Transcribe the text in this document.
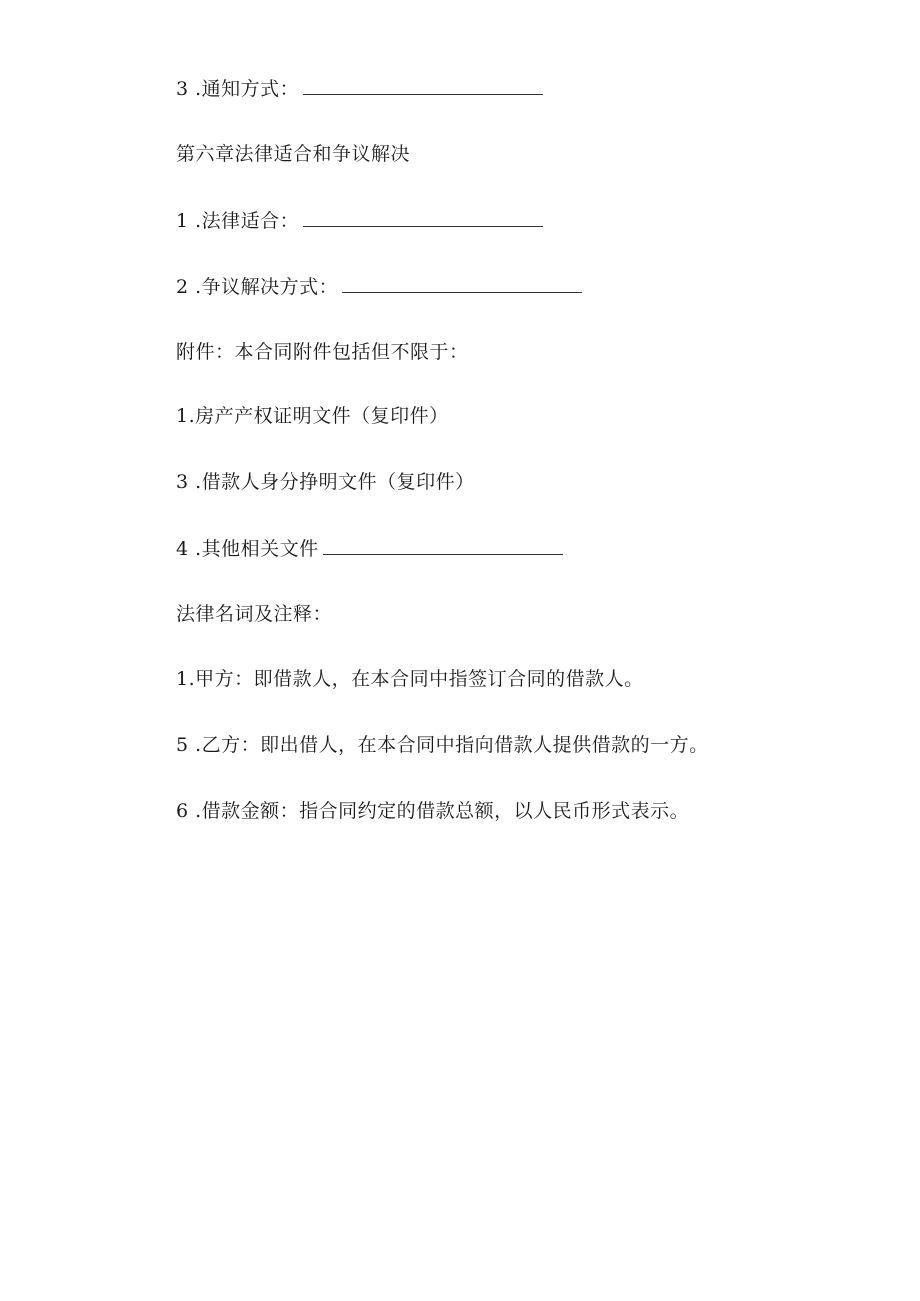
3 .通知方式：
第六章法律适合和争议解决
1 .法律适合：
2 .争议解决方式：
附件：本合同附件包括但不限于：
1.房产产权证明文件（复印件）
3 .借款人身分挣明文件（复印件）
4 .其他相关文件
法律名词及注释：
1.甲方：即借款人，在本合同中指签订合同的借款人。
5 .乙方：即出借人，在本合同中指向借款人提供借款的一方。
6 .借款金额：指合同约定的借款总额，以人民币形式表示。
